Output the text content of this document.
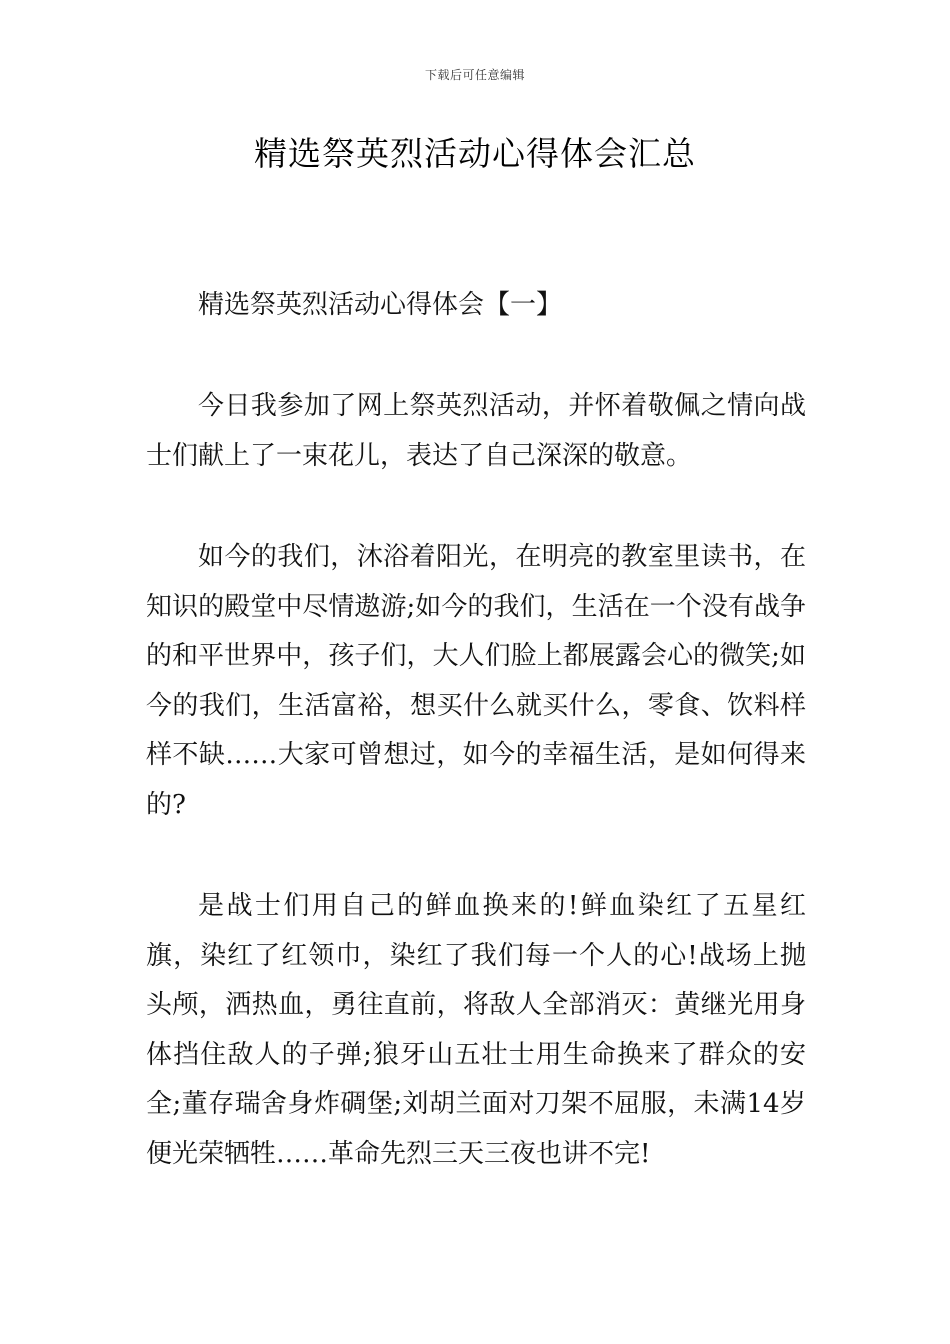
下载后可任意编辑
精选祭英烈活动心得体会汇总

精选祭英烈活动心得体会【一】

今日我参加了网上祭英烈活动，并怀着敬佩之情向战士们献上了一束花儿，表达了自己深深的敬意。

如今的我们，沐浴着阳光，在明亮的教室里读书，在知识的殿堂中尽情遨游;如今的我们，生活在一个没有战争的和平世界中，孩子们，大人们脸上都展露会心的微笑;如今的我们，生活富裕，想买什么就买什么，零食、饮料样样不缺……大家可曾想过，如今的幸福生活，是如何得来的?

是战士们用自己的鲜血换来的!鲜血染红了五星红旗，染红了红领巾，染红了我们每一个人的心!战场上抛头颅，洒热血，勇往直前，将敌人全部消灭：黄继光用身体挡住敌人的子弹;狼牙山五壮士用生命换来了群众的安全;董存瑞舍身炸碉堡;刘胡兰面对刀架不屈服，未满14岁便光荣牺牲……革命先烈三天三夜也讲不完!
